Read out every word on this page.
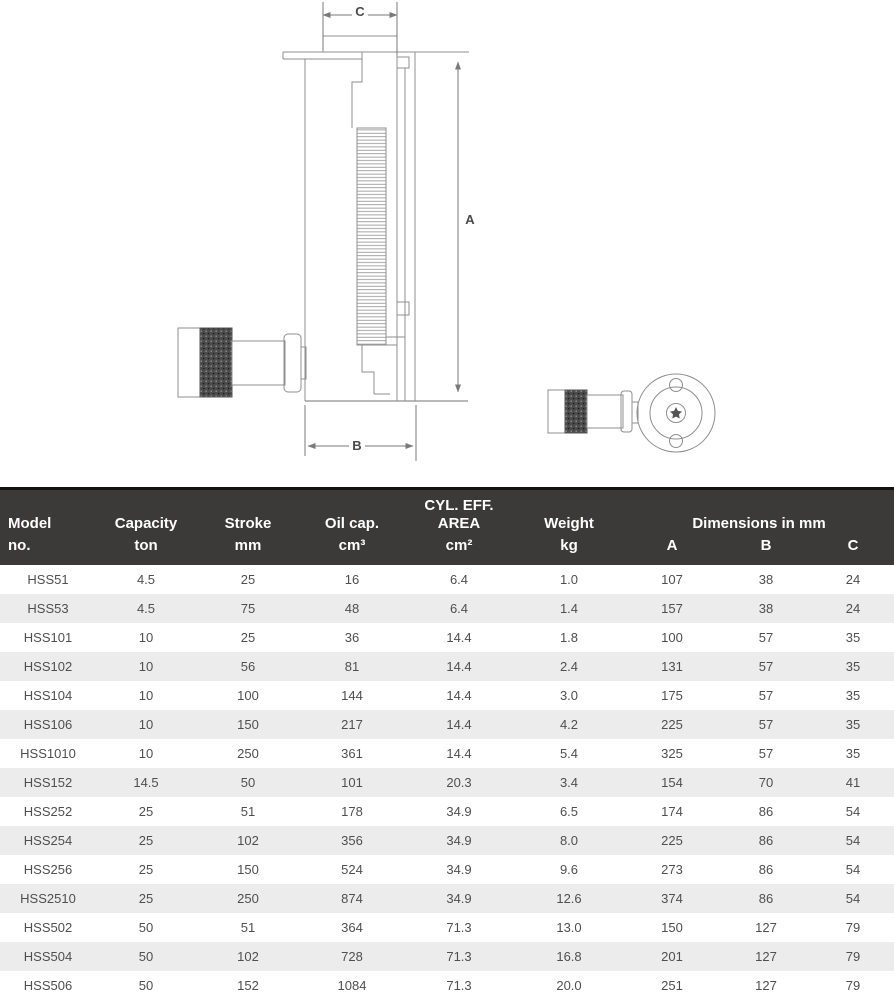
C
A
B
Model
no.
Capacity
ton
Stroke
mm
Oil cap.
cm³
CYL. EFF.
AREA
cm²
Weight
kg
Dimensions in mm
A	B	C
HSS51	4.5	25	16	6.4	1.0	107	38	24
HSS53	4.5	75	48	6.4	1.4	157	38	24
HSS101	10	25	36	14.4	1.8	100	57	35
HSS102	10	56	81	14.4	2.4	131	57	35
HSS104	10	100	144	14.4	3.0	175	57	35
HSS106	10	150	217	14.4	4.2	225	57	35
HSS1010	10	250	361	14.4	5.4	325	57	35
HSS152	14.5	50	101	20.3	3.4	154	70	41
HSS252	25	51	178	34.9	6.5	174	86	54
HSS254	25	102	356	34.9	8.0	225	86	54
HSS256	25	150	524	34.9	9.6	273	86	54
HSS2510	25	250	874	34.9	12.6	374	86	54
HSS502	50	51	364	71.3	13.0	150	127	79
HSS504	50	102	728	71.3	16.8	201	127	79
HSS506	50	152	1084	71.3	20.0	251	127	79
